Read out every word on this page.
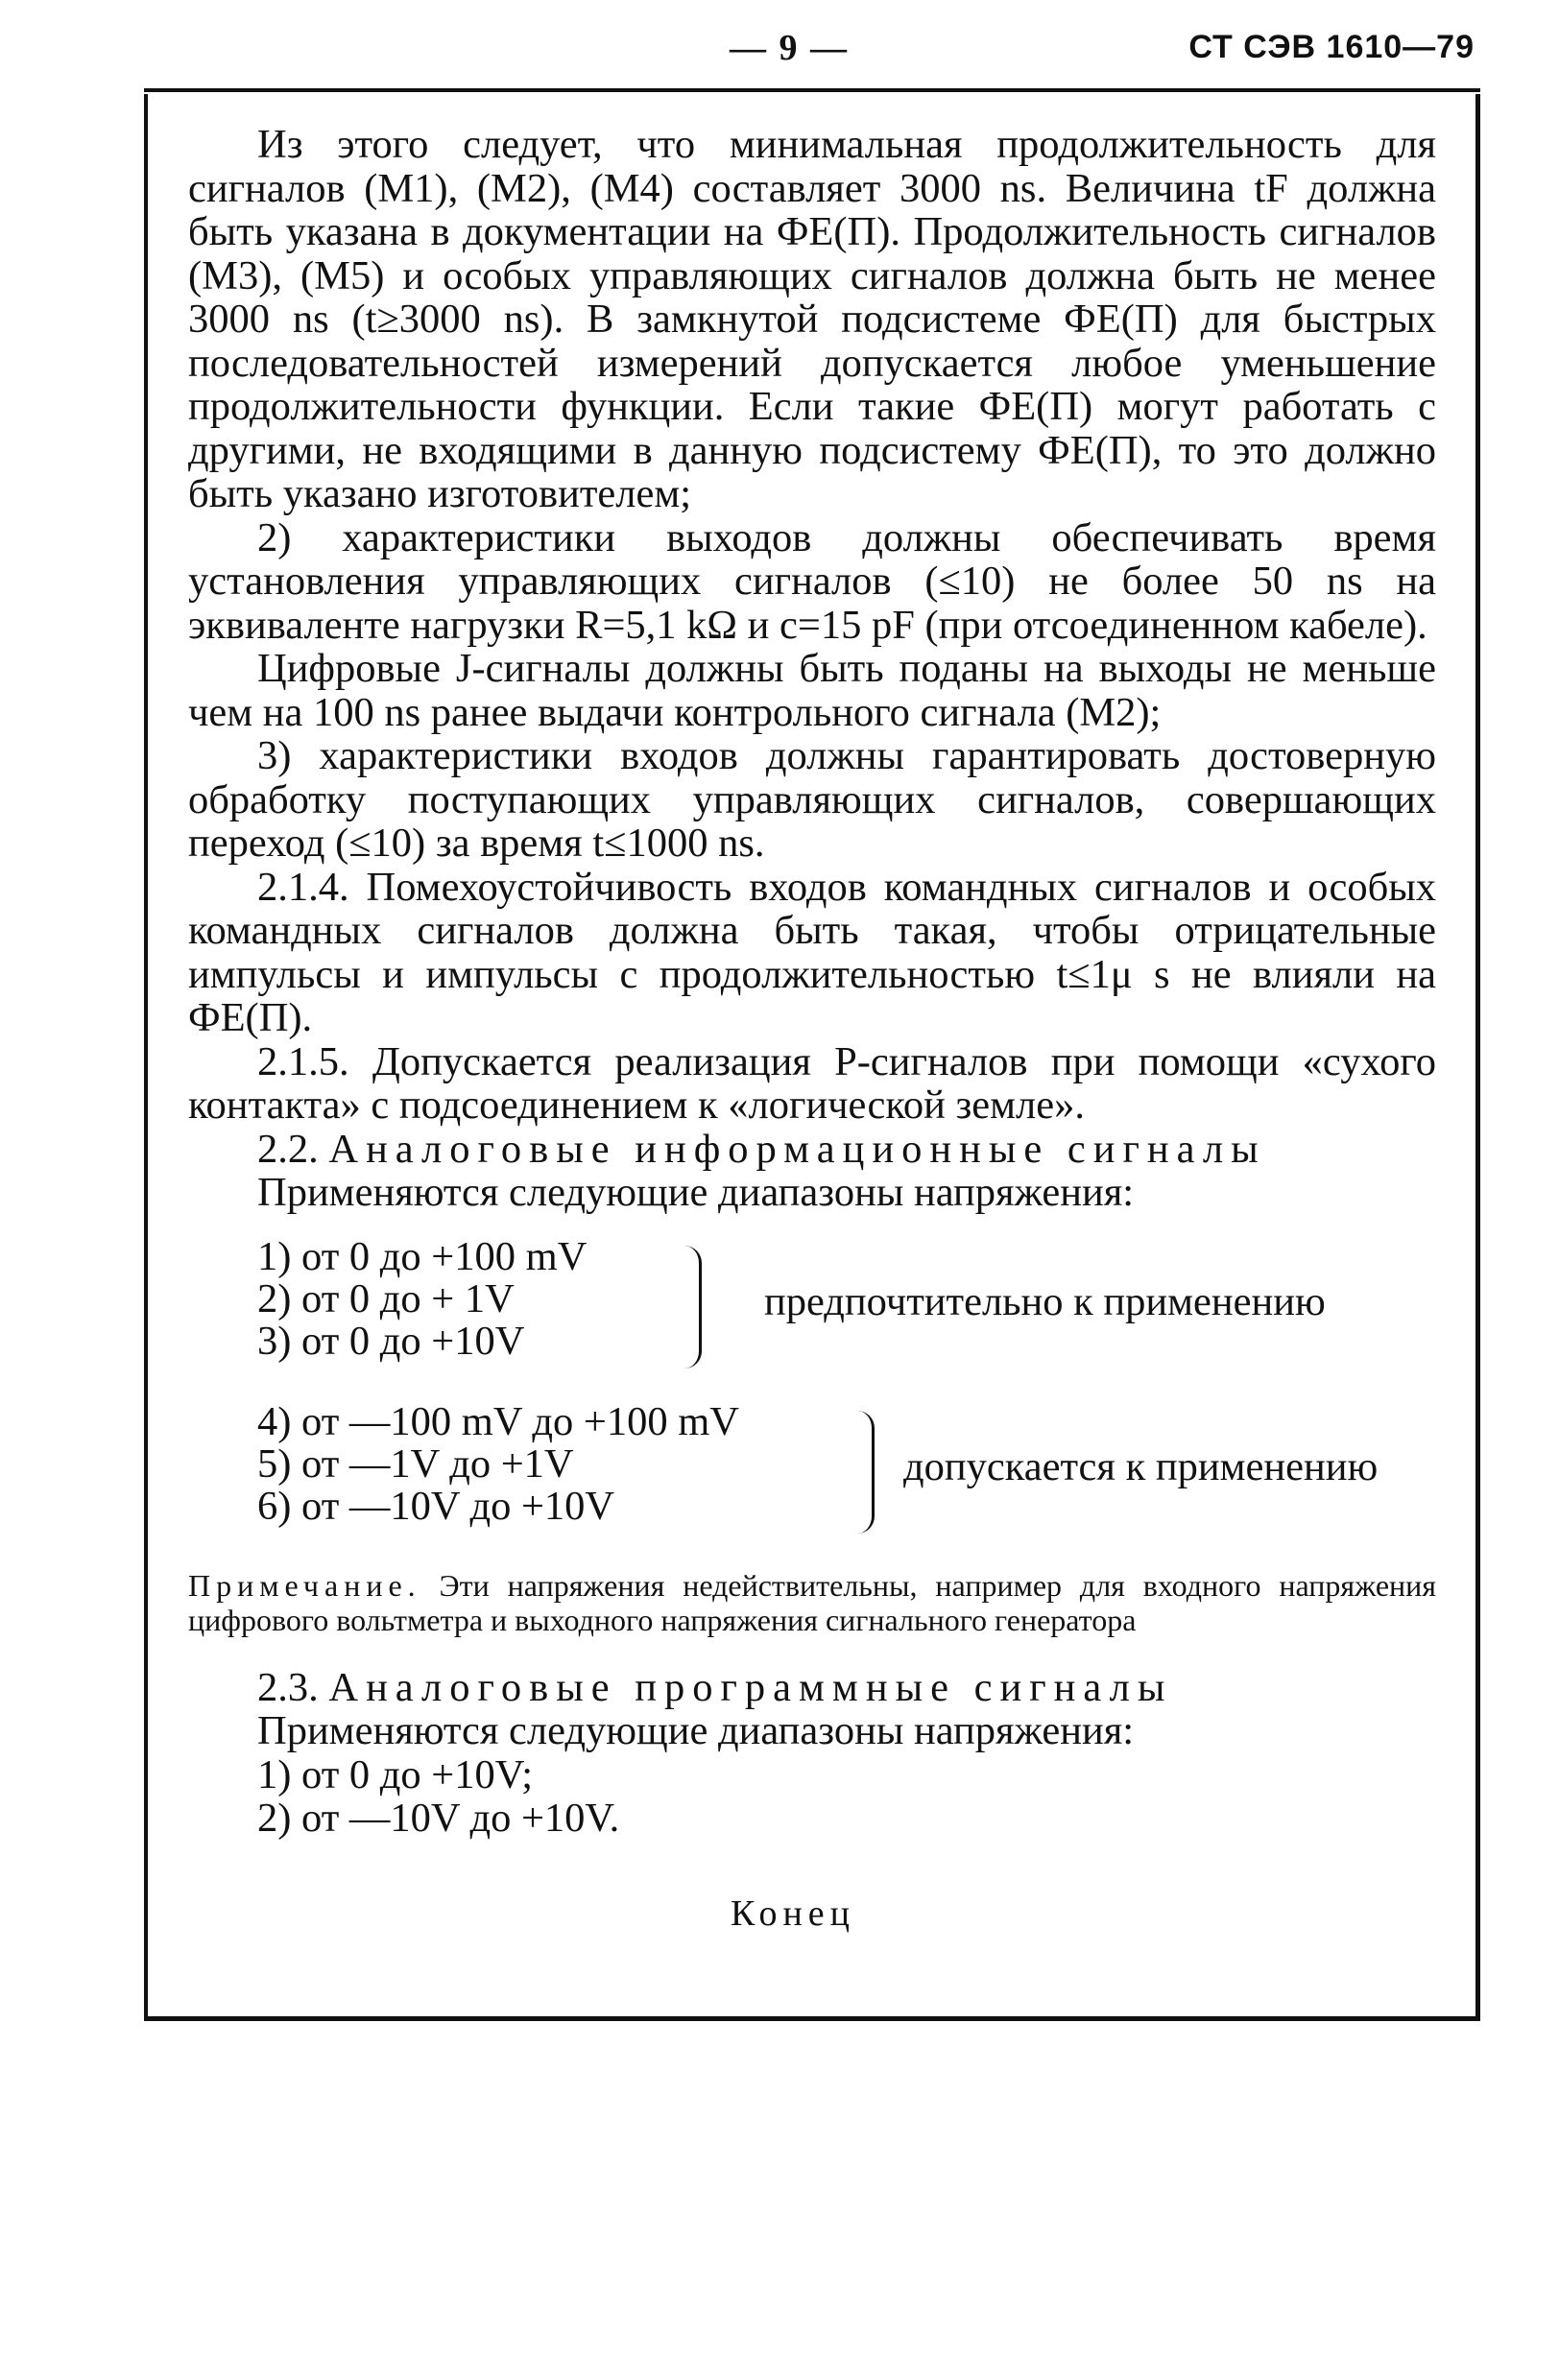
— 9 —	СТ СЭВ 1610—79

Из этого следует, что минимальная продолжительность для сигналов (M1), (M2), (M4) составляет 3000 ns. Величина tF должна быть указана в документации на ФЕ(П). Продолжительность сигналов (M3), (M5) и особых управляющих сигналов должна быть не менее 3000 ns (t≥3000 ns). В замкнутой подсистеме ФЕ(П) для быстрых последовательностей измерений допускается любое уменьшение продолжительности функции. Если такие ФЕ(П) могут работать с другими, не входящими в данную подсистему ФЕ(П), то это должно быть указано изготовителем;

2) характеристики выходов должны обеспечивать время установления управляющих сигналов (≤10) не более 50 ns на эквиваленте нагрузки R=5,1 kΩ и c=15 pF (при отсоединенном кабеле).

Цифровые J-сигналы должны быть поданы на выходы не меньше чем на 100 ns ранее выдачи контрольного сигнала (M2);

3) характеристики входов должны гарантировать достоверную обработку поступающих управляющих сигналов, совершающих переход (≤10) за время t≤1000 ns.

2.1.4. Помехоустойчивость входов командных сигналов и особых командных сигналов должна быть такая, чтобы отрицательные импульсы и импульсы с продолжительностью t≤1μ s не влияли на ФЕ(П).

2.1.5. Допускается реализация Р-сигналов при помощи «сухого контакта» с подсоединением к «логической земле».

2.2. Аналоговые информационные сигналы

Применяются следующие диапазоны напряжения:

1) от 0 до +100 mV
2) от 0 до + 1V
3) от 0 до +10V
предпочтительно к применению
4) от —100 mV до +100 mV
5) от —1V до +1V
6) от —10V до +10V
допускается к применению

Примечание. Эти напряжения недействительны, например для входного напряжения цифрового вольтметра и выходного напряжения сигнального генератора

2.3. Аналоговые программные сигналы

Применяются следующие диапазоны напряжения:

1) от 0 до +10V;

2) от —10V до +10V.

Конец
